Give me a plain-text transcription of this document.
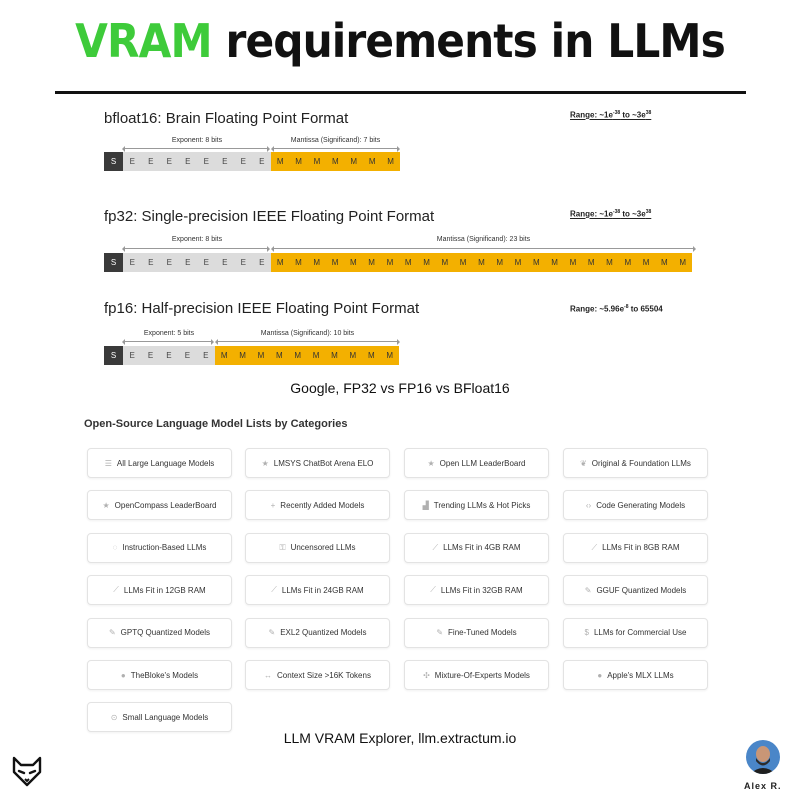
VRAM requirements in LLMs
bfloat16: Brain Floating Point Format	Range: $\sim 1e^{-38}$ to $\sim 3e^{38}$
Exponent: 8 bits	Mantissa (Significand): 7 bits
S	E	E	E	E	E	E	E	E	M	M	M	M	M	M	M
fp32: Single-precision IEEE Floating Point Format	Range: $\sim 1e^{-38}$ to $\sim 3e^{38}$
Exponent: 8 bits	Mantissa (Significand): 23 bits
S	E	E	E	E	E	E	E	E	M	M	M	M	M	M	M	M	M	M	M	M	M	M	M	M	M	M	M	M	M	M	M
fp16: Half-precision IEEE Floating Point Format	Range: $\sim 5.96e^{-8}$ to 65504
Exponent: 5 bits	Mantissa (Significand): 10 bits
S	E	E	E	E	E	M	M	M	M	M	M	M	M	M	M
Google, FP32 vs FP16 vs BFloat16
Open-Source Language Model Lists by Categories
☰ All Large Language Models	★ LMSYS ChatBot Arena ELO	★ Open LLM LeaderBoard	❦ Original & Foundation LLMs
★ OpenCompass LeaderBoard	+ Recently Added Models	▟ Trending LLMs & Hot Picks	‹› Code Generating Models
◌ Instruction-Based LLMs	⚿ Uncensored LLMs	⟋ LLMs Fit in 4GB RAM	⟋ LLMs Fit in 8GB RAM
⟋ LLMs Fit in 12GB RAM	⟋ LLMs Fit in 24GB RAM	⟋ LLMs Fit in 32GB RAM	✎ GGUF Quantized Models
✎ GPTQ Quantized Models	✎ EXL2 Quantized Models	✎ Fine-Tuned Models	$ LLMs for Commercial Use
● TheBloke's Models	↔ Context Size >16K Tokens	✣ Mixture-Of-Experts Models	● Apple's MLX LLMs
⊙ Small Language Models
LLM VRAM Explorer, llm.extractum.io
Alex R.
